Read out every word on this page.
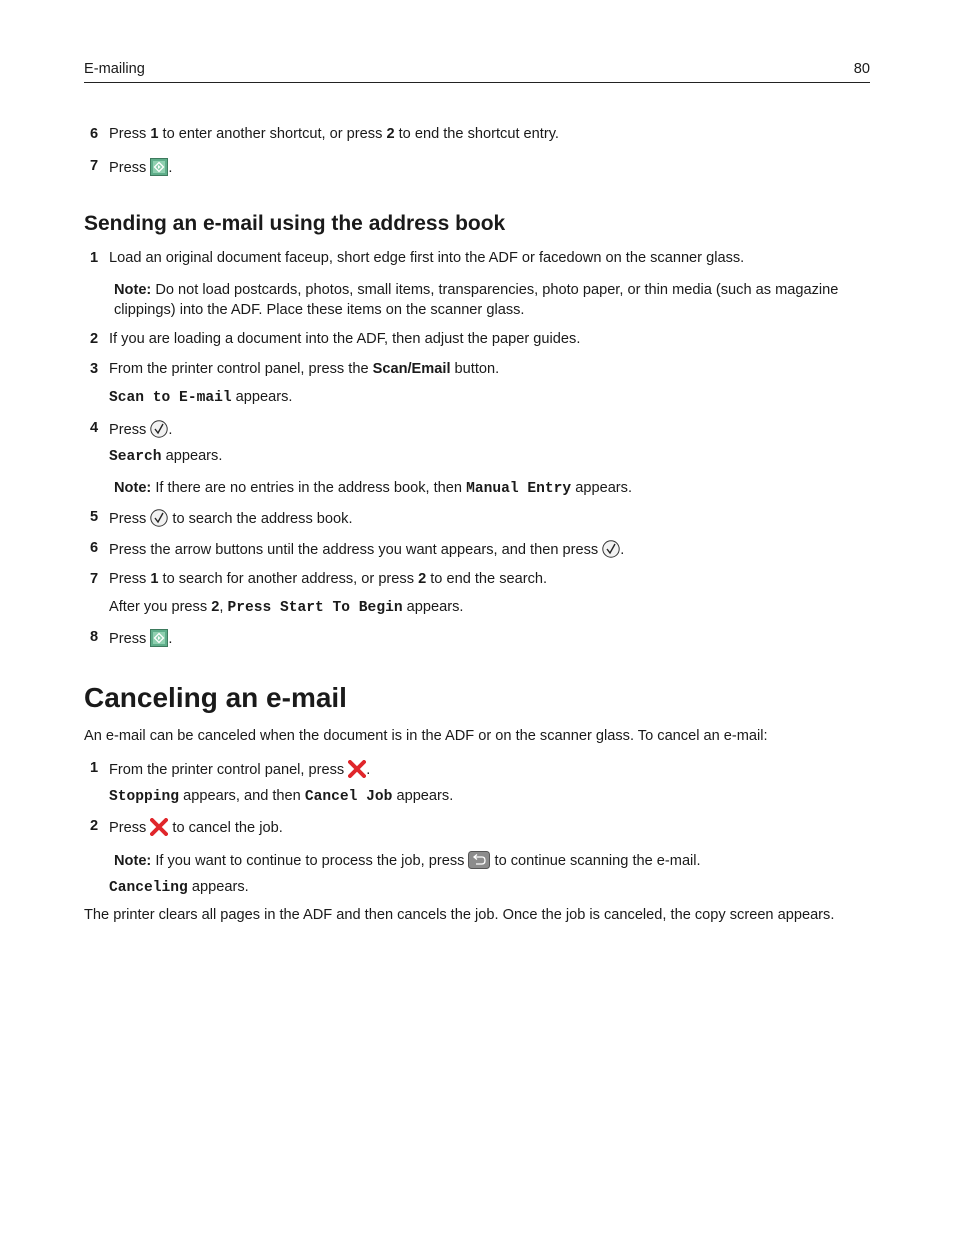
E-mailing	80
6 Press 1 to enter another shortcut, or press 2 to end the shortcut entry.
7 Press .
Sending an e-mail using the address book
1 Load an original document faceup, short edge first into the ADF or facedown on the scanner glass.
Note: Do not load postcards, photos, small items, transparencies, photo paper, or thin media (such as magazine clippings) into the ADF. Place these items on the scanner glass.
2 If you are loading a document into the ADF, then adjust the paper guides.
3 From the printer control panel, press the Scan/Email button.
Scan to E-mail appears.
4 Press .
Search appears.
Note: If there are no entries in the address book, then Manual Entry appears.
5 Press  to search the address book.
6 Press the arrow buttons until the address you want appears, and then press .
7 Press 1 to search for another address, or press 2 to end the search.
After you press 2, Press Start To Begin appears.
8 Press .
Canceling an e-mail
An e-mail can be canceled when the document is in the ADF or on the scanner glass. To cancel an e-mail:
1 From the printer control panel, press .
Stopping appears, and then Cancel Job appears.
2 Press  to cancel the job.
Note: If you want to continue to process the job, press  to continue scanning the e-mail.
Canceling appears.
The printer clears all pages in the ADF and then cancels the job. Once the job is canceled, the copy screen appears.
